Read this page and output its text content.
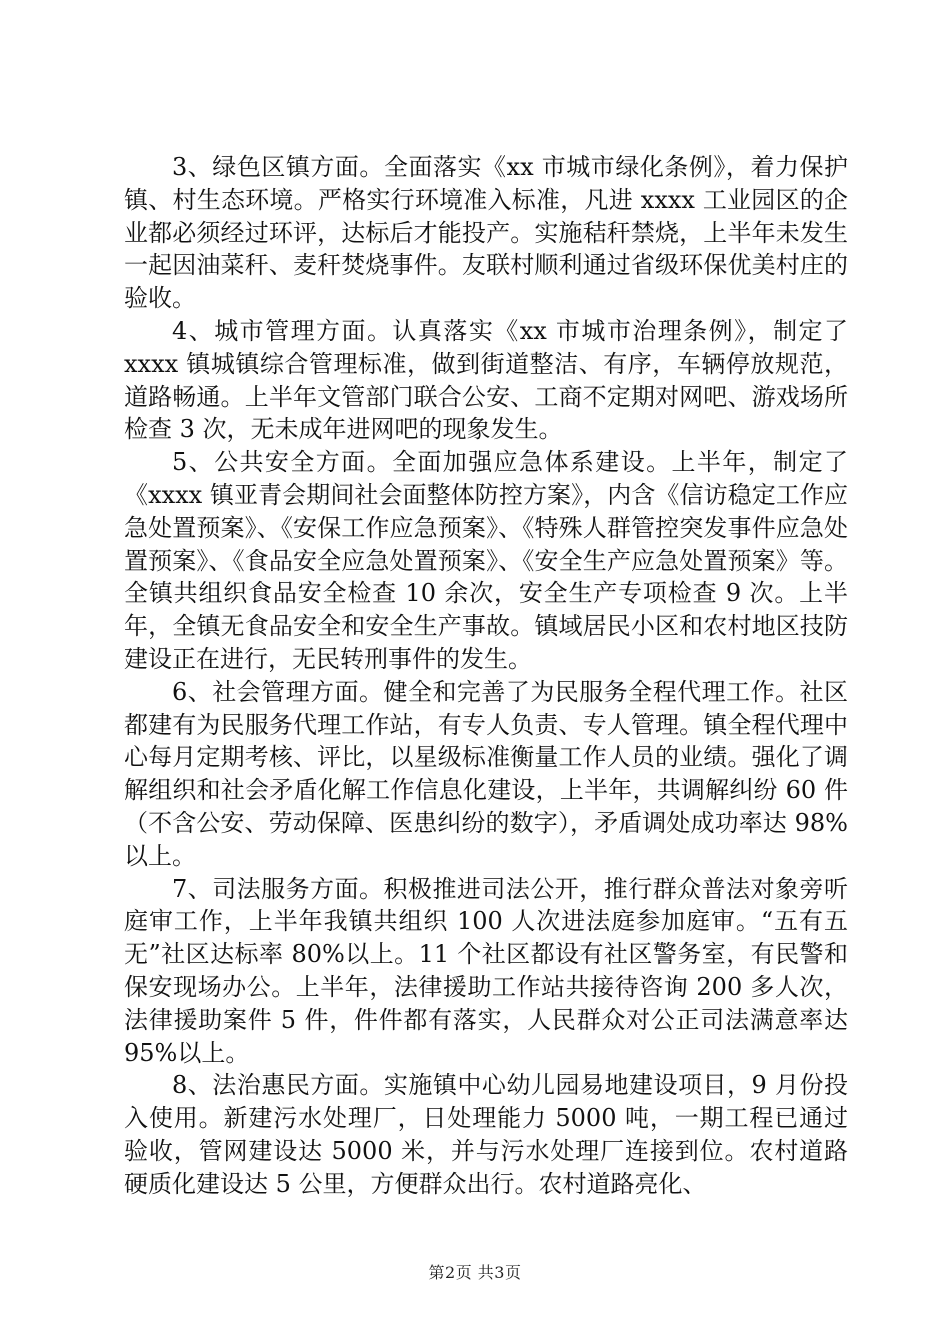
3、绿色区镇方面。全面落实《xx 市城市绿化条例》，着力保护镇、村生态环境。严格实行环境准入标准，凡进 xxxx 工业园区的企业都必须经过环评，达标后才能投产。实施秸秆禁烧，上半年未发生一起因油菜秆、麦秆焚烧事件。友联村顺利通过省级环保优美村庄的验收。

4、城市管理方面。认真落实《xx 市城市治理条例》，制定了 xxxx 镇城镇综合管理标准，做到街道整洁、有序，车辆停放规范，道路畅通。上半年文管部门联合公安、工商不定期对网吧、游戏场所检查 3 次，无未成年进网吧的现象发生。

5、公共安全方面。全面加强应急体系建设。上半年，制定了《xxxx 镇亚青会期间社会面整体防控方案》，内含《信访稳定工作应急处置预案》、《安保工作应急预案》、《特殊人群管控突发事件应急处置预案》、《食品安全应急处置预案》、《安全生产应急处置预案》等。全镇共组织食品安全检查 10 余次，安全生产专项检查 9 次。上半年，全镇无食品安全和安全生产事故。镇域居民小区和农村地区技防建设正在进行，无民转刑事件的发生。

6、社会管理方面。健全和完善了为民服务全程代理工作。社区都建有为民服务代理工作站，有专人负责、专人管理。镇全程代理中心每月定期考核、评比，以星级标准衡量工作人员的业绩。强化了调解组织和社会矛盾化解工作信息化建设，上半年，共调解纠纷 60 件（不含公安、劳动保障、医患纠纷的数字），矛盾调处成功率达 98%以上。

7、司法服务方面。积极推进司法公开，推行群众普法对象旁听庭审工作，上半年我镇共组织 100 人次进法庭参加庭审。“五有五无”社区达标率 80%以上。11 个社区都设有社区警务室，有民警和保安现场办公。上半年，法律援助工作站共接待咨询 200 多人次，法律援助案件 5 件，件件都有落实，人民群众对公正司法满意率达 95%以上。

8、法治惠民方面。实施镇中心幼儿园易地建设项目，9 月份投入使用。新建污水处理厂，日处理能力 5000 吨，一期工程已通过验收，管网建设达 5000 米，并与污水处理厂连接到位。农村道路硬质化建设达 5 公里，方便群众出行。农村道路亮化、

第2页 共3页
